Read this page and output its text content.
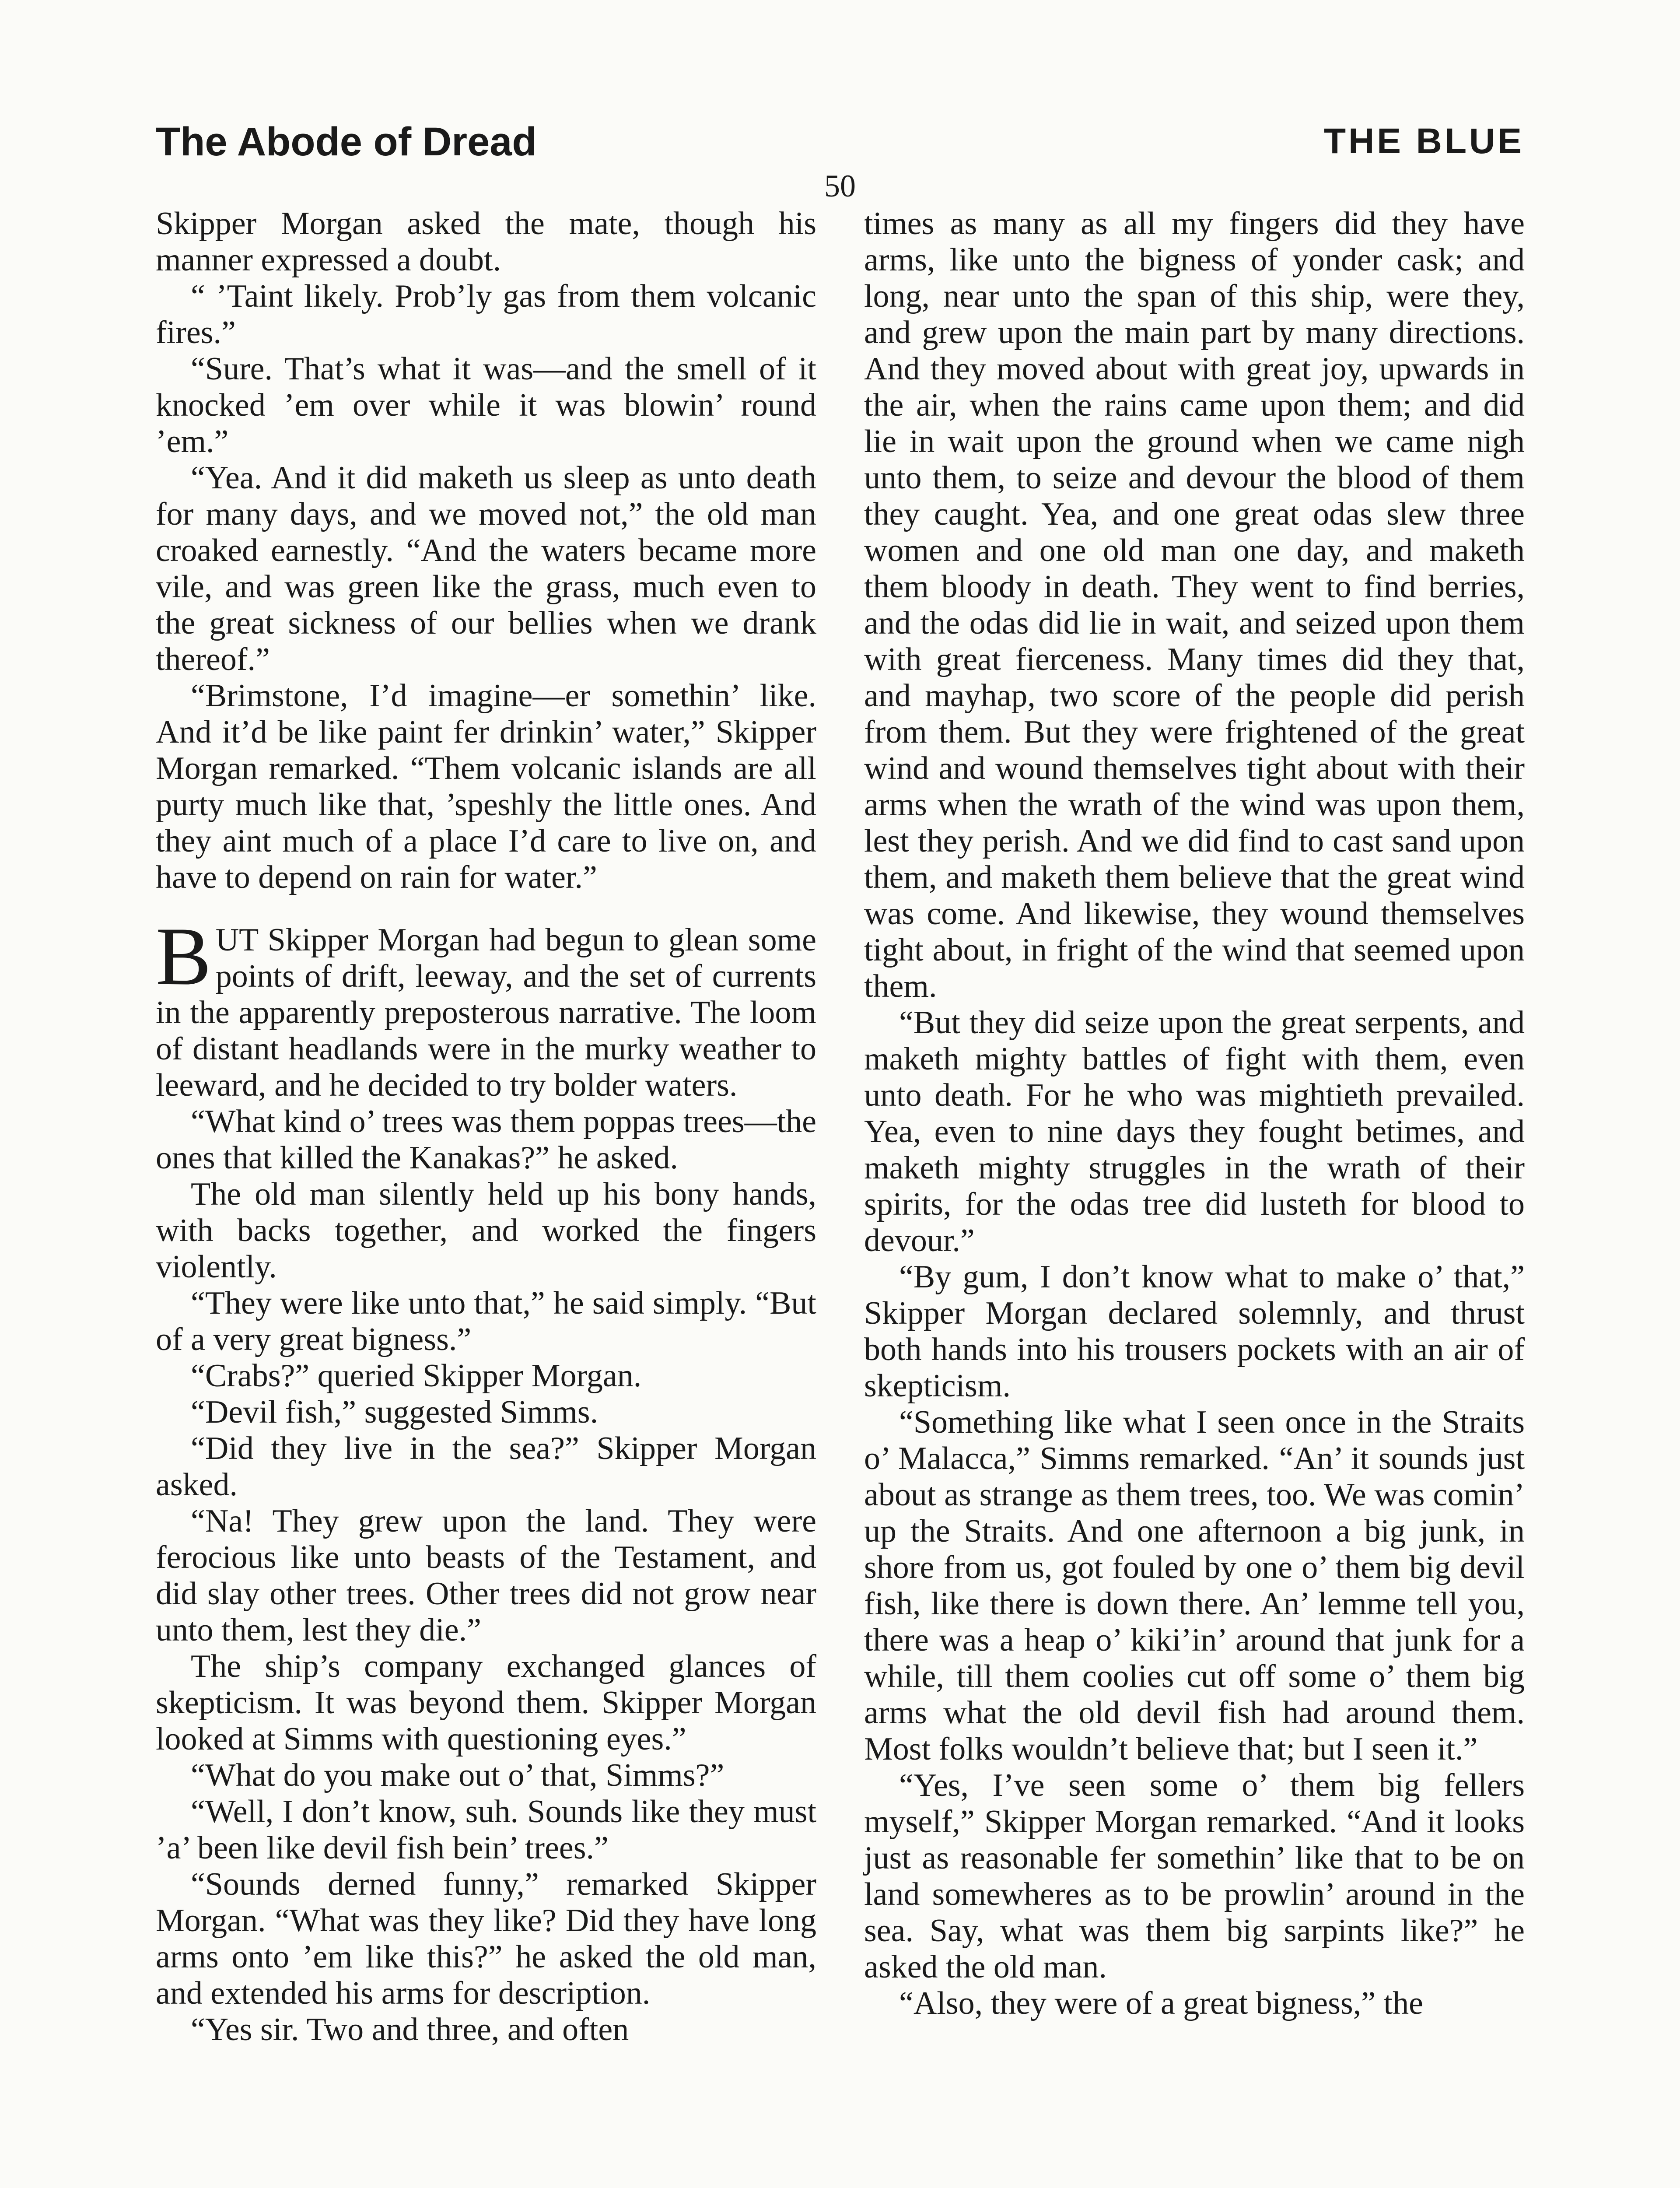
The Abode of Dread	THE BLUE
50

Skipper Morgan asked the mate, though his manner expressed a doubt.

“ ’Taint likely. Prob’ly gas from them volcanic fires.”

“Sure. That’s what it was—and the smell of it knocked ’em over while it was blowin’ round ’em.”

“Yea. And it did maketh us sleep as unto death for many days, and we moved not,” the old man croaked earnestly. “And the waters became more vile, and was green like the grass, much even to the great sickness of our bellies when we drank thereof.”

“Brimstone, I’d imagine—er somethin’ like. And it’d be like paint fer drinkin’ water,” Skipper Morgan remarked. “Them volcanic islands are all purty much like that, ’speshly the little ones. And they aint much of a place I’d care to live on, and have to depend on rain for water.”

BUT Skipper Morgan had begun to glean some points of drift, leeway, and the set of currents in the apparently preposterous narrative. The loom of distant headlands were in the murky weather to leeward, and he decided to try bolder waters.

“What kind o’ trees was them poppas trees—the ones that killed the Kanakas?” he asked.

The old man silently held up his bony hands, with backs together, and worked the fingers violently.

“They were like unto that,” he said simply. “But of a very great bigness.”

“Crabs?” queried Skipper Morgan.

“Devil fish,” suggested Simms.

“Did they live in the sea?” Skipper Morgan asked.

“Na! They grew upon the land. They were ferocious like unto beasts of the Testament, and did slay other trees. Other trees did not grow near unto them, lest they die.”

The ship’s company exchanged glances of skepticism. It was beyond them. Skipper Morgan looked at Simms with questioning eyes.”

“What do you make out o’ that, Simms?”

“Well, I don’t know, suh. Sounds like they must ’a’ been like devil fish bein’ trees.”

“Sounds derned funny,” remarked Skipper Morgan. “What was they like? Did they have long arms onto ’em like this?” he asked the old man, and extended his arms for description.

“Yes sir. Two and three, and often

times as many as all my fingers did they have arms, like unto the bigness of yonder cask; and long, near unto the span of this ship, were they, and grew upon the main part by many directions. And they moved about with great joy, upwards in the air, when the rains came upon them; and did lie in wait upon the ground when we came nigh unto them, to seize and devour the blood of them they caught. Yea, and one great odas slew three women and one old man one day, and maketh them bloody in death. They went to find berries, and the odas did lie in wait, and seized upon them with great fierceness. Many times did they that, and mayhap, two score of the people did perish from them. But they were frightened of the great wind and wound themselves tight about with their arms when the wrath of the wind was upon them, lest they perish. And we did find to cast sand upon them, and maketh them believe that the great wind was come. And likewise, they wound themselves tight about, in fright of the wind that seemed upon them.

“But they did seize upon the great serpents, and maketh mighty battles of fight with them, even unto death. For he who was mightieth prevailed. Yea, even to nine days they fought betimes, and maketh mighty struggles in the wrath of their spirits, for the odas tree did lusteth for blood to devour.”

“By gum, I don’t know what to make o’ that,” Skipper Morgan declared solemnly, and thrust both hands into his trousers pockets with an air of skepticism.

“Something like what I seen once in the Straits o’ Malacca,” Simms remarked. “An’ it sounds just about as strange as them trees, too. We was comin’ up the Straits. And one afternoon a big junk, in shore from us, got fouled by one o’ them big devil fish, like there is down there. An’ lemme tell you, there was a heap o’ kiki’in’ around that junk for a while, till them coolies cut off some o’ them big arms what the old devil fish had around them. Most folks wouldn’t believe that; but I seen it.”

“Yes, I’ve seen some o’ them big fellers myself,” Skipper Morgan remarked. “And it looks just as reasonable fer somethin’ like that to be on land somewheres as to be prowlin’ around in the sea. Say, what was them big sarpints like?” he asked the old man.

“Also, they were of a great bigness,” the
